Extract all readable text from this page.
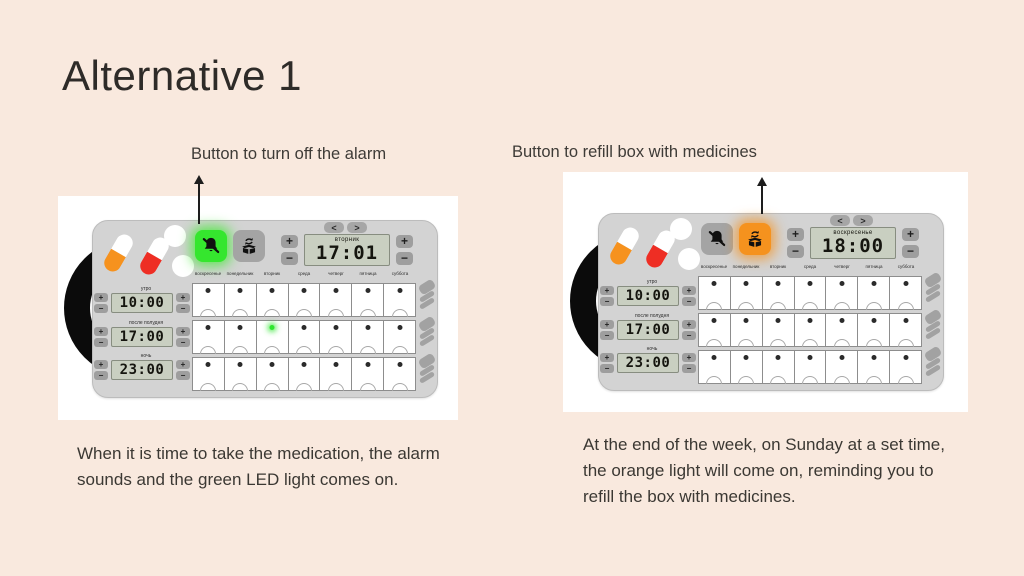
Alternative 1
Button to turn off the alarm	Button to refill box with medicines
+
−
<	>
вторник
17:01
+
−
воскресенье	понедельник	вторник	среда	четверг	пятница	суббота
утро
+
−	10:00	+
−
после полудня
+
−	17:00	+
−
ночь
+
−	23:00	+
−
+
−
<	>
воскресенье
18:00
+
−
воскресенье	понедельник	вторник	среда	четверг	пятница	суббота
утро
+
−	10:00	+
−
после полудня
+
−	17:00	+
−
ночь
+
−	23:00	+
−

When it is time to take the medication, the alarm sounds and the green LED light comes on.

At the end of the week, on Sunday at a set time, the orange light will come on, reminding you to refill the box with medicines.
